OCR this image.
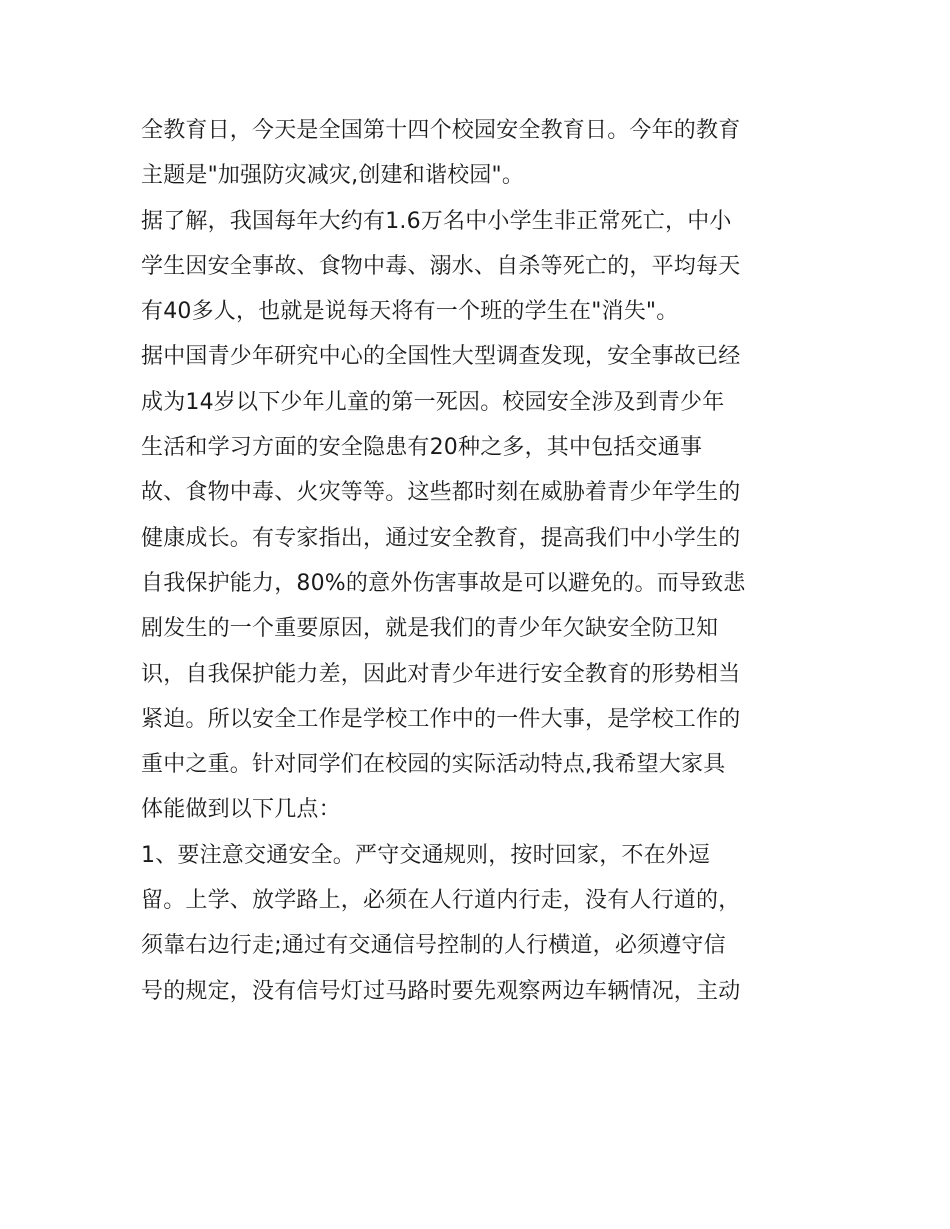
全教育日，今天是全国第十四个校园安全教育日。今年的教育
主题是"加强防灾减灾,创建和谐校园"。
据了解，我国每年大约有1.6万名中小学生非正常死亡，中小
学生因安全事故、食物中毒、溺水、自杀等死亡的，平均每天
有40多人，也就是说每天将有一个班的学生在"消失"。
据中国青少年研究中心的全国性大型调查发现，安全事故已经
成为14岁以下少年儿童的第一死因。校园安全涉及到青少年
生活和学习方面的安全隐患有20种之多，其中包括交通事
故、食物中毒、火灾等等。这些都时刻在威胁着青少年学生的
健康成长。有专家指出，通过安全教育，提高我们中小学生的
自我保护能力，80%的意外伤害事故是可以避免的。而导致悲
剧发生的一个重要原因，就是我们的青少年欠缺安全防卫知
识，自我保护能力差，因此对青少年进行安全教育的形势相当
紧迫。所以安全工作是学校工作中的一件大事，是学校工作的
重中之重。针对同学们在校园的实际活动特点,我希望大家具
体能做到以下几点：
1、要注意交通安全。严守交通规则，按时回家，不在外逗
留。上学、放学路上，必须在人行道内行走，没有人行道的，
须靠右边行走;通过有交通信号控制的人行横道，必须遵守信
号的规定，没有信号灯过马路时要先观察两边车辆情况，主动
